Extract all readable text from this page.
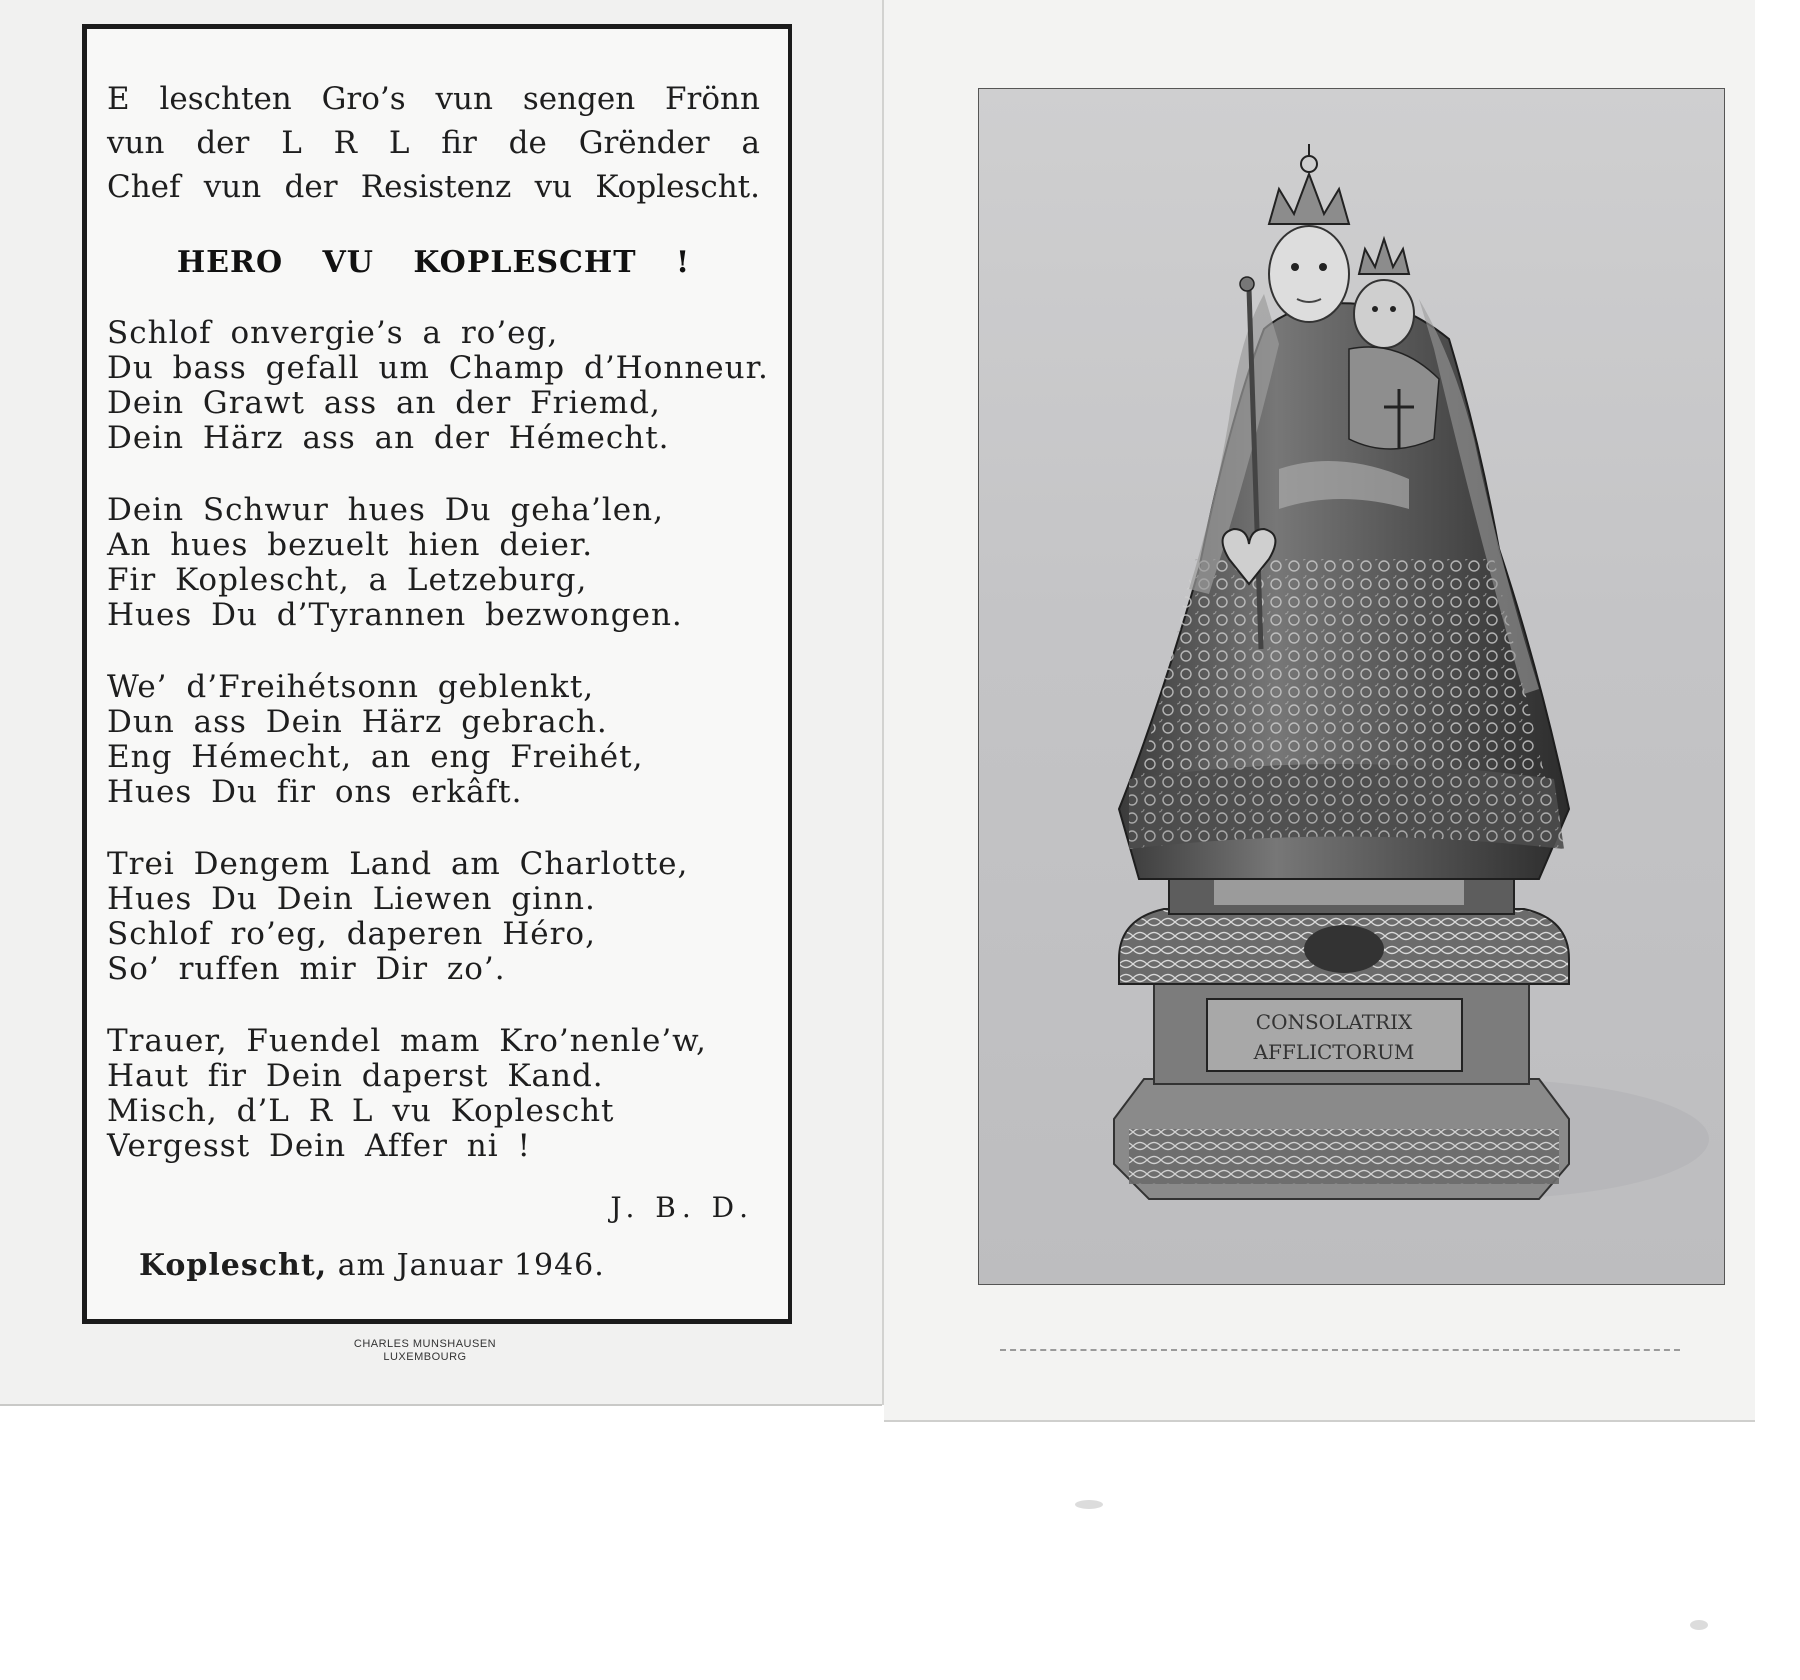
E leschten Gro’s vun sengen Frönn
vun der L R L fir de Grënder a
Chef vun der Resistenz vu Koplescht.
HERO VU KOPLESCHT !
Schlof onvergie’s a ro’eg,
Du bass gefall um Champ d’Honneur.
Dein Grawt ass an der Friemd,
Dein Härz ass an der Hémecht.
Dein Schwur hues Du geha’len,
An hues bezuelt hien deier.
Fir Koplescht, a Letzeburg,
Hues Du d’Tyrannen bezwongen.
We’ d’Freihétsonn geblenkt,
Dun ass Dein Härz gebrach.
Eng Hémecht, an eng Freihét,
Hues Du fir ons erkâft.
Trei Dengem Land am Charlotte,
Hues Du Dein Liewen ginn.
Schlof ro’eg, daperen Héro,
So’ ruffen mir Dir zo’.
Trauer, Fuendel mam Kro’nenle’w,
Haut fir Dein daperst Kand.
Misch, d’L R L vu Koplescht
Vergesst Dein Affer ni !
J. B. D.
Koplescht, am Januar 1946.
CHARLES MUNSHAUSEN
LUXEMBOURG
CONSOLATRIX
AFFLICTORUM
